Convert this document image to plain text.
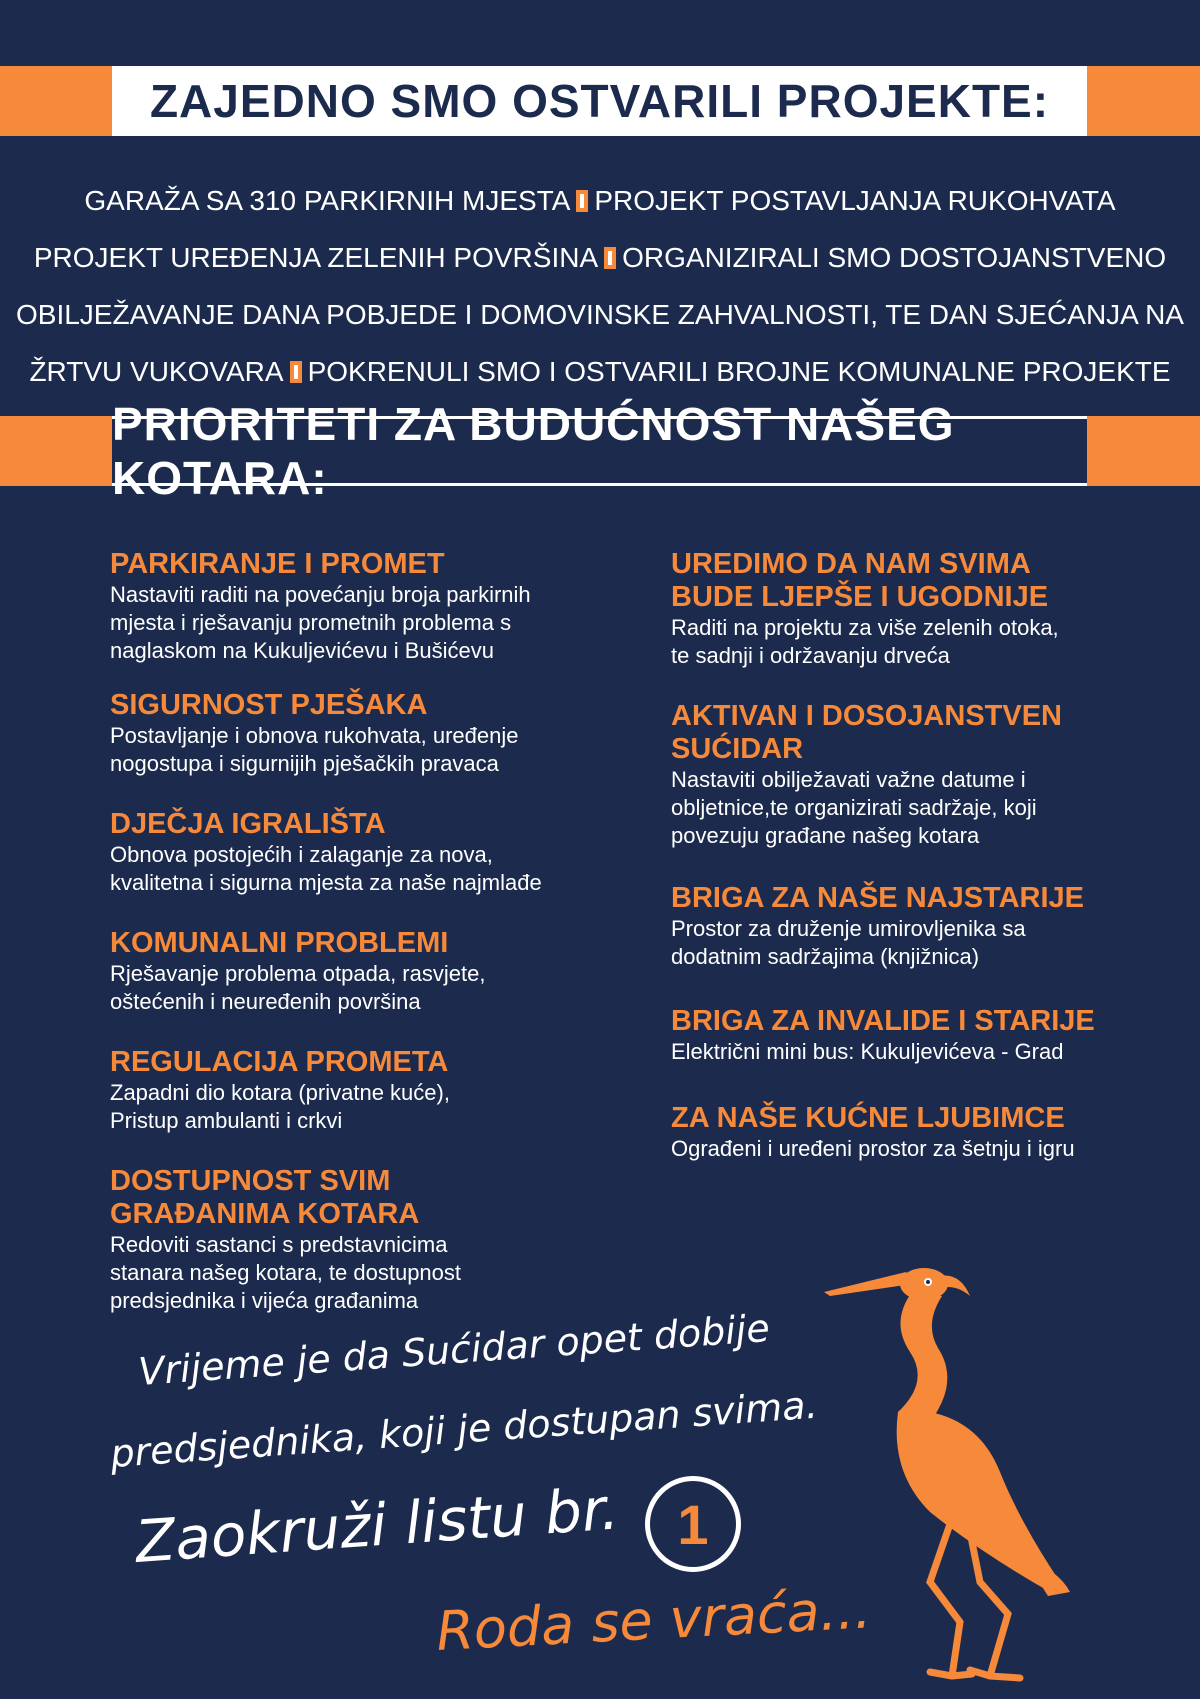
ZAJEDNO SMO OSTVARILI PROJEKTE:
GARAŽA SA 310 PARKIRNIH MJESTA PROJEKT POSTAVLJANJA RUKOHVATA
PROJEKT UREĐENJA ZELENIH POVRŠINA ORGANIZIRALI SMO DOSTOJANSTVENO
OBILJEŽAVANJE DANA POBJEDE I DOMOVINSKE ZAHVALNOSTI, TE DAN SJEĆANJA NA
ŽRTVU VUKOVARA POKRENULI SMO I OSTVARILI BROJNE KOMUNALNE PROJEKTE
PRIORITETI ZA BUDUĆNOST NAŠEG KOTARA:
PARKIRANJE I PROMET

Nastaviti raditi na povećanju broja parkirnih

mjesta i rješavanju prometnih problema s

naglaskom na Kukuljevićevu i Bušićevu

SIGURNOST PJEŠAKA

Postavljanje i obnova rukohvata, uređenje

nogostupa i sigurnijih pješačkih pravaca

DJEČJA IGRALIŠTA

Obnova postojećih i zalaganje za nova,

kvalitetna i sigurna mjesta za naše najmlađe

KOMUNALNI PROBLEMI

Rješavanje problema otpada, rasvjete,

oštećenih i neuređenih površina

REGULACIJA PROMETA

Zapadni dio kotara (privatne kuće),

Pristup ambulanti i crkvi

DOSTUPNOST SVIM
GRAĐANIMA KOTARA

Redoviti sastanci s predstavnicima

stanara našeg kotara, te dostupnost

predsjednika i vijeća građanima

UREDIMO DA NAM SVIMA
BUDE LJEPŠE I UGODNIJE

Raditi na projektu za više zelenih otoka,

te sadnji i održavanju drveća

AKTIVAN I DOSOJANSTVEN
SUĆIDAR

Nastaviti obilježavati važne datume i

obljetnice,te organizirati sadržaje, koji

povezuju građane našeg kotara

BRIGA ZA NAŠE NAJSTARIJE

Prostor za druženje umirovljenika sa

dodatnim sadržajima (knjižnica)

BRIGA ZA INVALIDE I STARIJE

Električni mini bus: Kukuljevićeva - Grad

ZA NAŠE KUĆNE LJUBIMCE

Ograđeni i uređeni prostor za šetnju i igru

Vrijeme je da Sućidar opet dobije
predsjednika, koji je dostupan svima.
Zaokruži listu br.	1
Roda se vraća...
